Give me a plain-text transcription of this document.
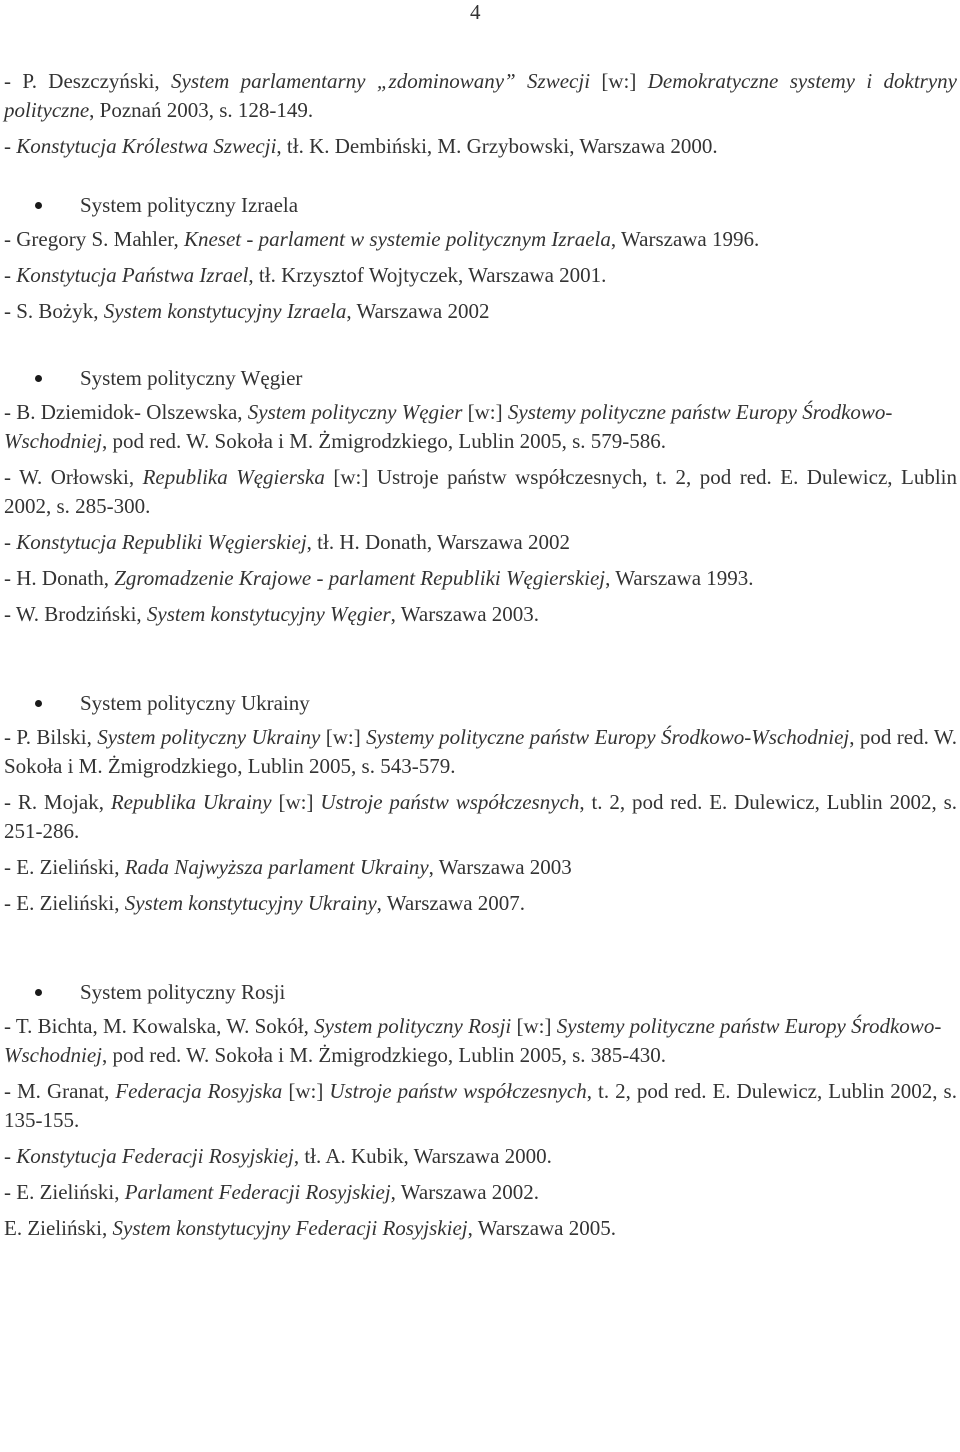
4

- P. Deszczyński, System parlamentarny „zdominowany” Szwecji [w:] Demokratyczne systemy i doktryny polityczne, Poznań 2003, s. 128-149.

- Konstytucja Królestwa Szwecji, tł. K. Dembiński, M. Grzybowski, Warszawa 2000.

System polityczny Izraela

- Gregory S. Mahler, Kneset - parlament w systemie politycznym Izraela, Warszawa 1996.

- Konstytucja Państwa Izrael, tł. Krzysztof Wojtyczek, Warszawa 2001.

- S. Bożyk, System konstytucyjny Izraela, Warszawa 2002

System polityczny Węgier

- B. Dziemidok- Olszewska, System polityczny Węgier [w:] Systemy polityczne państw Europy Środkowo- Wschodniej, pod red. W. Sokoła i M. Żmigrodzkiego, Lublin 2005, s. 579-586.

- W. Orłowski, Republika Węgierska [w:] Ustroje państw współczesnych, t. 2, pod red. E. Dulewicz, Lublin 2002, s. 285-300.

- Konstytucja Republiki Węgierskiej, tł. H. Donath, Warszawa 2002

- H. Donath, Zgromadzenie Krajowe - parlament Republiki Węgierskiej, Warszawa 1993.

- W. Brodziński, System konstytucyjny Węgier, Warszawa 2003.

System polityczny Ukrainy

- P. Bilski, System polityczny Ukrainy [w:] Systemy polityczne państw Europy Środkowo-Wschodniej, pod red. W. Sokoła i M. Żmigrodzkiego, Lublin 2005, s. 543-579.

- R. Mojak, Republika Ukrainy [w:] Ustroje państw współczesnych, t. 2, pod red. E. Dulewicz, Lublin 2002, s. 251-286.

- E. Zieliński, Rada Najwyższa parlament Ukrainy, Warszawa 2003

- E. Zieliński, System konstytucyjny Ukrainy, Warszawa 2007.

System polityczny Rosji

- T. Bichta, M. Kowalska, W. Sokół, System polityczny Rosji [w:] Systemy polityczne państw Europy Środkowo- Wschodniej, pod red. W. Sokoła i M. Żmigrodzkiego, Lublin 2005, s. 385-430.

- M. Granat, Federacja Rosyjska [w:] Ustroje państw współczesnych, t. 2, pod red. E. Dulewicz, Lublin 2002, s. 135-155.

- Konstytucja Federacji Rosyjskiej, tł. A. Kubik, Warszawa 2000.

- E. Zieliński, Parlament Federacji Rosyjskiej, Warszawa 2002.

E. Zieliński, System konstytucyjny Federacji Rosyjskiej, Warszawa 2005.
